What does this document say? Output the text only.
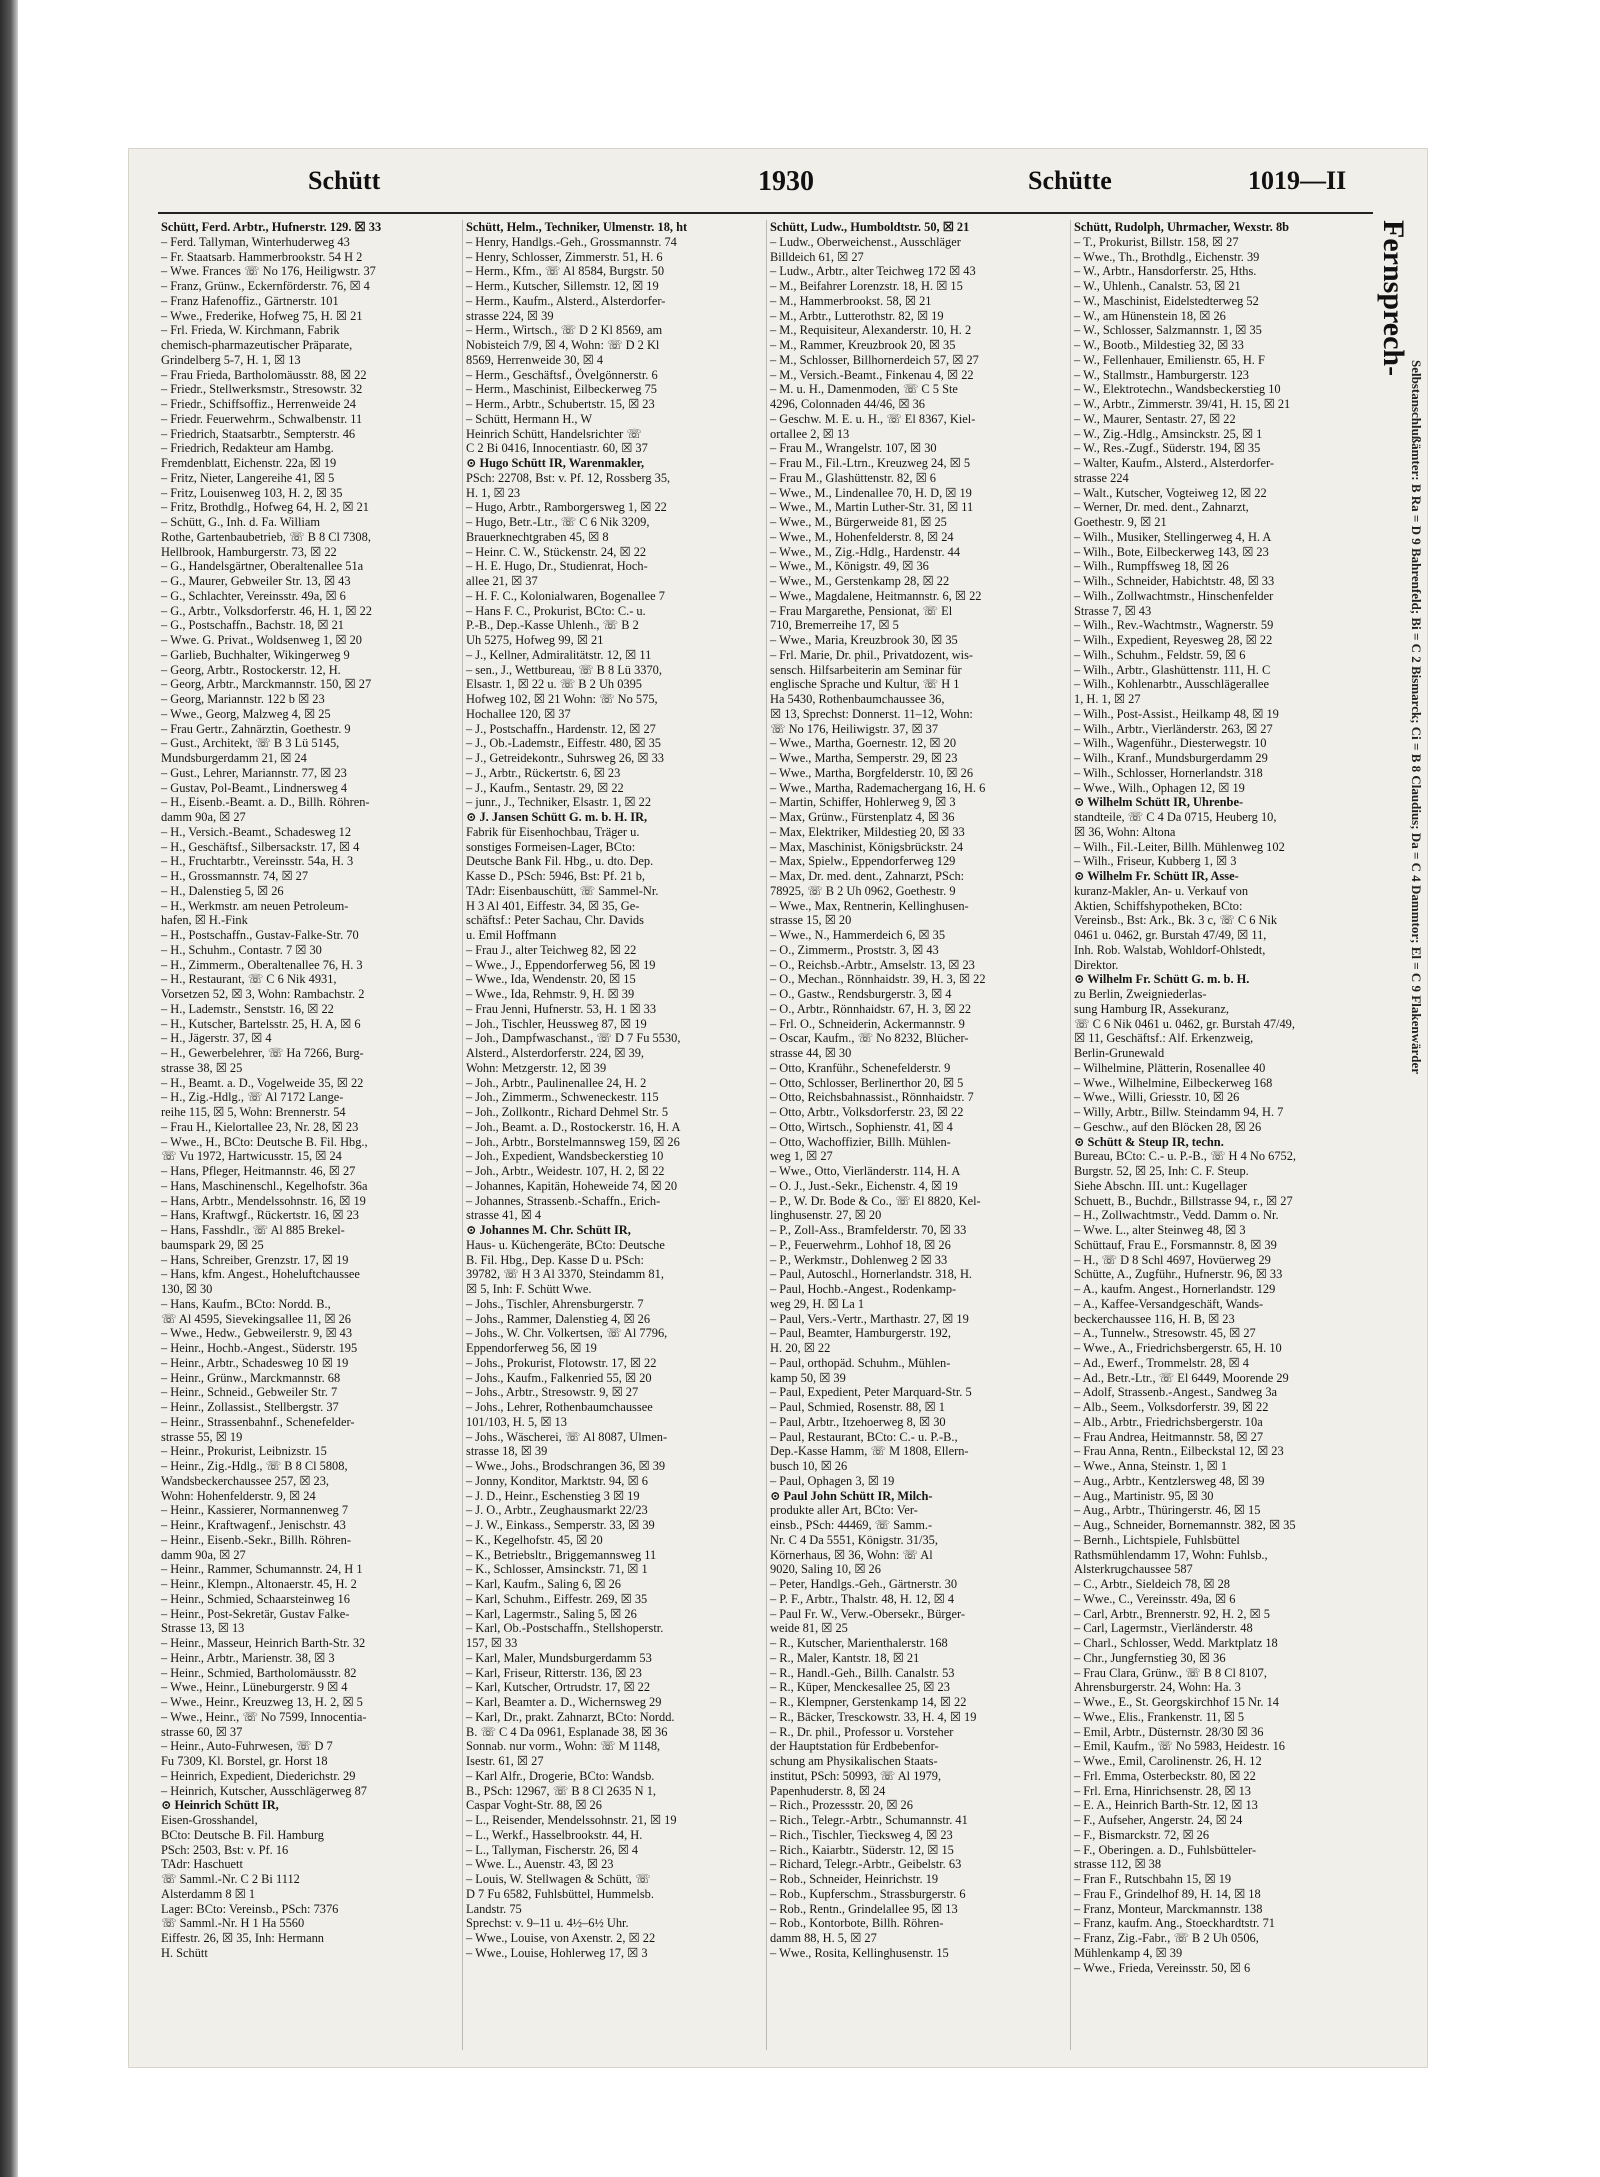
Schütt	1930	Schütte	1019—II
Schütt, Ferd. Arbtr., Hufnerstr. 129. ☒ 33
– Ferd. Tallyman, Winterhuderweg 43
– Fr. Staatsarb. Hammerbrookstr. 54 H 2
– Wwe. Frances ☏ No 176, Heiligwstr. 37
– Franz, Grünw., Eckernförderstr. 76, ☒ 4
– Franz Hafenoffiz., Gärtnerstr. 101
– Wwe., Frederike, Hofweg 75, H. ☒ 21
– Frl. Frieda, W. Kirchmann, Fabrik
chemisch-pharmazeutischer Präparate,
Grindelberg 5-7, H. 1, ☒ 13
– Frau Frieda, Bartholomäusstr. 88, ☒ 22
– Friedr., Stellwerksmstr., Stresowstr. 32
– Friedr., Schiffsoffiz., Herrenweide 24
– Friedr. Feuerwehrm., Schwalbenstr. 11
– Friedrich, Staatsarbtr., Sempterstr. 46
– Friedrich, Redakteur am Hambg.
Fremdenblatt, Eichenstr. 22a, ☒ 19
– Fritz, Nieter, Langereihe 41, ☒ 5
– Fritz, Louisenweg 103, H. 2, ☒ 35
– Fritz, Brothdlg., Hofweg 64, H. 2, ☒ 21
– Schütt, G., Inh. d. Fa. William
Rothe, Gartenbaubetrieb, ☏ B 8 Cl 7308,
Hellbrook, Hamburgerstr. 73, ☒ 22
– G., Handelsgärtner, Oberaltenallee 51a
– G., Maurer, Gebweiler Str. 13, ☒ 43
– G., Schlachter, Vereinsstr. 49a, ☒ 6
– G., Arbtr., Volksdorferstr. 46, H. 1, ☒ 22
– G., Postschaffn., Bachstr. 18, ☒ 21
– Wwe. G. Privat., Woldsenweg 1, ☒ 20
– Garlieb, Buchhalter, Wikingerweg 9
– Georg, Arbtr., Rostockerstr. 12, H.
– Georg, Arbtr., Marckmannstr. 150, ☒ 27
– Georg, Mariannstr. 122 b ☒ 23
– Wwe., Georg, Malzweg 4, ☒ 25
– Frau Gertr., Zahnärztin, Goethestr. 9
– Gust., Architekt, ☏ B 3 Lü 5145,
Mundsburgerdamm 21, ☒ 24
– Gust., Lehrer, Mariannstr. 77, ☒ 23
– Gustav, Pol-Beamt., Lindnersweg 4
– H., Eisenb.-Beamt. a. D., Billh. Röhren-
damm 90a, ☒ 27
– H., Versich.-Beamt., Schadesweg 12
– H., Geschäftsf., Silbersackstr. 17, ☒ 4
– H., Fruchtarbtr., Vereinsstr. 54a, H. 3
– H., Grossmannstr. 74, ☒ 27
– H., Dalenstieg 5, ☒ 26
– H., Werkmstr. am neuen Petroleum-
hafen, ☒ H.-Fink
– H., Postschaffn., Gustav-Falke-Str. 70
– H., Schuhm., Contastr. 7 ☒ 30
– H., Zimmerm., Oberaltenallee 76, H. 3
– H., Restaurant, ☏ C 6 Nik 4931,
Vorsetzen 52, ☒ 3, Wohn: Rambachstr. 2
– H., Lademstr., Senststr. 16, ☒ 22
– H., Kutscher, Bartelsstr. 25, H. A, ☒ 6
– H., Jägerstr. 37, ☒ 4
– H., Gewerbelehrer, ☏ Ha 7266, Burg-
strasse 38, ☒ 25
– H., Beamt. a. D., Vogelweide 35, ☒ 22
– H., Zig.-Hdlg., ☏ Al 7172 Lange-
reihe 115, ☒ 5, Wohn: Brennerstr. 54
– Frau H., Kielortallee 23, Nr. 28, ☒ 23
– Wwe., H., BCto: Deutsche B. Fil. Hbg.,
☏ Vu 1972, Hartwicusstr. 15, ☒ 24
– Hans, Pfleger, Heitmannstr. 46, ☒ 27
– Hans, Maschinenschl., Kegelhofstr. 36a
– Hans, Arbtr., Mendelssohnstr. 16, ☒ 19
– Hans, Kraftwgf., Rückertstr. 16, ☒ 23
– Hans, Fasshdlr., ☏ Al 885 Brekel-
baumspark 29, ☒ 25
– Hans, Schreiber, Grenzstr. 17, ☒ 19
– Hans, kfm. Angest., Hoheluftchaussee
130, ☒ 30
– Hans, Kaufm., BCto: Nordd. B.,
☏ Al 4595, Sievekingsallee 11, ☒ 26
– Wwe., Hedw., Gebweilerstr. 9, ☒ 43
– Heinr., Hochb.-Angest., Süderstr. 195
– Heinr., Arbtr., Schadesweg 10 ☒ 19
– Heinr., Grünw., Marckmannstr. 68
– Heinr., Schneid., Gebweiler Str. 7
– Heinr., Zollassist., Stellbergstr. 37
– Heinr., Strassenbahnf., Schenefelder-
strasse 55, ☒ 19
– Heinr., Prokurist, Leibnizstr. 15
– Heinr., Zig.-Hdlg., ☏ B 8 Cl 5808,
Wandsbeckerchaussee 257, ☒ 23,
Wohn: Hohenfelderstr. 9, ☒ 24
– Heinr., Kassierer, Normannenweg 7
– Heinr., Kraftwagenf., Jenischstr. 43
– Heinr., Eisenb.-Sekr., Billh. Röhren-
damm 90a, ☒ 27
– Heinr., Rammer, Schumannstr. 24, H 1
– Heinr., Klempn., Altonaerstr. 45, H. 2
– Heinr., Schmied, Schaarsteinweg 16
– Heinr., Post-Sekretär, Gustav Falke-
Strasse 13, ☒ 13
– Heinr., Masseur, Heinrich Barth-Str. 32
– Heinr., Arbtr., Marienstr. 38, ☒ 3
– Heinr., Schmied, Bartholomäusstr. 82
– Wwe., Heinr., Lüneburgerstr. 9 ☒ 4
– Wwe., Heinr., Kreuzweg 13, H. 2, ☒ 5
– Wwe., Heinr., ☏ No 7599, Innocentia-
strasse 60, ☒ 37
– Heinr., Auto-Fuhrwesen, ☏ D 7
Fu 7309, Kl. Borstel, gr. Horst 18
– Heinrich, Expedient, Diederichstr. 29
– Heinrich, Kutscher, Ausschlägerweg 87
⊙ Heinrich Schütt IR,
Eisen-Grosshandel,
BCto: Deutsche B. Fil. Hamburg
PSch: 2503, Bst: v. Pf. 16
TAdr: Haschuett
☏ Samml.-Nr. C 2 Bi 1112
Alsterdamm 8 ☒ 1
Lager: BCto: Vereinsb., PSch: 7376
☏ Samml.-Nr. H 1 Ha 5560
Eiffestr. 26, ☒ 35, Inh: Hermann
H. Schütt
Schütt, Helm., Techniker, Ulmenstr. 18, ht
– Henry, Handlgs.-Geh., Grossmannstr. 74
– Henry, Schlosser, Zimmerstr. 51, H. 6
– Herm., Kfm., ☏ Al 8584, Burgstr. 50
– Herm., Kutscher, Sillemstr. 12, ☒ 19
– Herm., Kaufm., Alsterd., Alsterdorfer-
strasse 224, ☒ 39
– Herm., Wirtsch., ☏ D 2 Kl 8569, am
Nobisteich 7/9, ☒ 4, Wohn: ☏ D 2 Kl
8569, Herrenweide 30, ☒ 4
– Herm., Geschäftsf., Övelgönnerstr. 6
– Herm., Maschinist, Eilbeckerweg 75
– Herm., Arbtr., Schubertstr. 15, ☒ 23
– Schütt, Hermann H., W
Heinrich Schütt, Handelsrichter ☏
C 2 Bi 0416, Innocentiastr. 60, ☒ 37
⊙ Hugo Schütt IR, Warenmakler,
PSch: 22708, Bst: v. Pf. 12, Rossberg 35,
H. 1, ☒ 23
– Hugo, Arbtr., Ramborgersweg 1, ☒ 22
– Hugo, Betr.-Ltr., ☏ C 6 Nik 3209,
Brauerknechtgraben 45, ☒ 8
– Heinr. C. W., Stückenstr. 24, ☒ 22
– H. E. Hugo, Dr., Studienrat, Hoch-
allee 21, ☒ 37
– H. F. C., Kolonialwaren, Bogenallee 7
– Hans F. C., Prokurist, BCto: C.- u.
P.-B., Dep.-Kasse Uhlenh., ☏ B 2
Uh 5275, Hofweg 99, ☒ 21
– J., Kellner, Admiralitätstr. 12, ☒ 11
– sen., J., Wettbureau, ☏ B 8 Lü 3370,
Elsastr. 1, ☒ 22 u. ☏ B 2 Uh 0395
Hofweg 102, ☒ 21 Wohn: ☏ No 575,
Hochallee 120, ☒ 37
– J., Postschaffn., Hardenstr. 12, ☒ 27
– J., Ob.-Lademstr., Eiffestr. 480, ☒ 35
– J., Getreidekontr., Suhrsweg 26, ☒ 33
– J., Arbtr., Rückertstr. 6, ☒ 23
– J., Kaufm., Sentastr. 29, ☒ 22
– junr., J., Techniker, Elsastr. 1, ☒ 22
⊙ J. Jansen Schütt G. m. b. H. IR,
Fabrik für Eisenhochbau, Träger u.
sonstiges Formeisen-Lager, BCto:
Deutsche Bank Fil. Hbg., u. dto. Dep.
Kasse D., PSch: 5946, Bst: Pf. 21 b,
TAdr: Eisenbauschütt, ☏ Sammel-Nr.
H 3 Al 401, Eiffestr. 34, ☒ 35, Ge-
schäftsf.: Peter Sachau, Chr. Davids
u. Emil Hoffmann
– Frau J., alter Teichweg 82, ☒ 22
– Wwe., J., Eppendorferweg 56, ☒ 19
– Wwe., Ida, Wendenstr. 20, ☒ 15
– Wwe., Ida, Rehmstr. 9, H. ☒ 39
– Frau Jenni, Hufnerstr. 53, H. 1 ☒ 33
– Joh., Tischler, Heussweg 87, ☒ 19
– Joh., Dampfwaschanst., ☏ D 7 Fu 5530,
Alsterd., Alsterdorferstr. 224, ☒ 39,
Wohn: Metzgerstr. 12, ☒ 39
– Joh., Arbtr., Paulinenallee 24, H. 2
– Joh., Zimmerm., Schweneckestr. 115
– Joh., Zollkontr., Richard Dehmel Str. 5
– Joh., Beamt. a. D., Rostockerstr. 16, H. A
– Joh., Arbtr., Borstelmannsweg 159, ☒ 26
– Joh., Expedient, Wandsbeckerstieg 10
– Joh., Arbtr., Weidestr. 107, H. 2, ☒ 22
– Johannes, Kapitän, Hoheweide 74, ☒ 20
– Johannes, Strassenb.-Schaffn., Erich-
strasse 41, ☒ 4
⊙ Johannes M. Chr. Schütt IR,
Haus- u. Küchengeräte, BCto: Deutsche
B. Fil. Hbg., Dep. Kasse D u. PSch:
39782, ☏ H 3 Al 3370, Steindamm 81,
☒ 5, Inh: F. Schütt Wwe.
– Johs., Tischler, Ahrensburgerstr. 7
– Johs., Rammer, Dalenstieg 4, ☒ 26
– Johs., W. Chr. Volkertsen, ☏ Al 7796,
Eppendorferweg 56, ☒ 19
– Johs., Prokurist, Flotowstr. 17, ☒ 22
– Johs., Kaufm., Falkenried 55, ☒ 20
– Johs., Arbtr., Stresowstr. 9, ☒ 27
– Johs., Lehrer, Rothenbaumchaussee
101/103, H. 5, ☒ 13
– Johs., Wäscherei, ☏ Al 8087, Ulmen-
strasse 18, ☒ 39
– Wwe., Johs., Brodschrangen 36, ☒ 39
– Jonny, Konditor, Marktstr. 94, ☒ 6
– J. D., Heinr., Eschenstieg 3 ☒ 19
– J. O., Arbtr., Zeughausmarkt 22/23
– J. W., Einkass., Semperstr. 33, ☒ 39
– K., Kegelhofstr. 45, ☒ 20
– K., Betriebsltr., Briggemannsweg 11
– K., Schlosser, Amsinckstr. 71, ☒ 1
– Karl, Kaufm., Saling 6, ☒ 26
– Karl, Schuhm., Eiffestr. 269, ☒ 35
– Karl, Lagermstr., Saling 5, ☒ 26
– Karl, Ob.-Postschaffn., Stellshoperstr.
157, ☒ 33
– Karl, Maler, Mundsburgerdamm 53
– Karl, Friseur, Ritterstr. 136, ☒ 23
– Karl, Kutscher, Ortrudstr. 17, ☒ 22
– Karl, Beamter a. D., Wichernsweg 29
– Karl, Dr., prakt. Zahnarzt, BCto: Nordd.
B. ☏ C 4 Da 0961, Esplanade 38, ☒ 36
Sonnab. nur vorm., Wohn: ☏ M 1148,
Isestr. 61, ☒ 27
– Karl Alfr., Drogerie, BCto: Wandsb.
B., PSch: 12967, ☏ B 8 Cl 2635 N 1,
Caspar Voght-Str. 88, ☒ 26
– L., Reisender, Mendelssohnstr. 21, ☒ 19
– L., Werkf., Hasselbrookstr. 44, H.
– L., Tallyman, Fischerstr. 26, ☒ 4
– Wwe. L., Auenstr. 43, ☒ 23
– Louis, W. Stellwagen & Schütt, ☏
D 7 Fu 6582, Fuhlsbüttel, Hummelsb.
Landstr. 75
Sprechst: v. 9–11 u. 4½–6½ Uhr.
– Wwe., Louise, von Axenstr. 2, ☒ 22
– Wwe., Louise, Hohlerweg 17, ☒ 3
Schütt, Ludw., Humboldtstr. 50, ☒ 21
– Ludw., Oberweichenst., Ausschläger
Billdeich 61, ☒ 27
– Ludw., Arbtr., alter Teichweg 172 ☒ 43
– M., Beifahrer Lorenzstr. 18, H. ☒ 15
– M., Hammerbrookst. 58, ☒ 21
– M., Arbtr., Lutterothstr. 82, ☒ 19
– M., Requisiteur, Alexanderstr. 10, H. 2
– M., Rammer, Kreuzbrook 20, ☒ 35
– M., Schlosser, Billhornerdeich 57, ☒ 27
– M., Versich.-Beamt., Finkenau 4, ☒ 22
– M. u. H., Damenmoden, ☏ C 5 Ste
4296, Colonnaden 44/46, ☒ 36
– Geschw. M. E. u. H., ☏ El 8367, Kiel-
ortallee 2, ☒ 13
– Frau M., Wrangelstr. 107, ☒ 30
– Frau M., Fil.-Ltrn., Kreuzweg 24, ☒ 5
– Frau M., Glashüttenstr. 82, ☒ 6
– Wwe., M., Lindenallee 70, H. D, ☒ 19
– Wwe., M., Martin Luther-Str. 31, ☒ 11
– Wwe., M., Bürgerweide 81, ☒ 25
– Wwe., M., Hohenfelderstr. 8, ☒ 24
– Wwe., M., Zig.-Hdlg., Hardenstr. 44
– Wwe., M., Königstr. 49, ☒ 36
– Wwe., M., Gerstenkamp 28, ☒ 22
– Wwe., Magdalene, Heitmannstr. 6, ☒ 22
– Frau Margarethe, Pensionat, ☏ El
710, Bremerreihe 17, ☒ 5
– Wwe., Maria, Kreuzbrook 30, ☒ 35
– Frl. Marie, Dr. phil., Privatdozent, wis-
sensch. Hilfsarbeiterin am Seminar für
englische Sprache und Kultur, ☏ H 1
Ha 5430, Rothenbaumchaussee 36,
☒ 13, Sprechst: Donnerst. 11–12, Wohn:
☏ No 176, Heiliwigstr. 37, ☒ 37
– Wwe., Martha, Goernestr. 12, ☒ 20
– Wwe., Martha, Semperstr. 29, ☒ 23
– Wwe., Martha, Borgfelderstr. 10, ☒ 26
– Wwe., Martha, Rademachergang 16, H. 6
– Martin, Schiffer, Hohlerweg 9, ☒ 3
– Max, Grünw., Fürstenplatz 4, ☒ 36
– Max, Elektriker, Mildestieg 20, ☒ 33
– Max, Maschinist, Königsbrückstr. 24
– Max, Spielw., Eppendorferweg 129
– Max, Dr. med. dent., Zahnarzt, PSch:
78925, ☏ B 2 Uh 0962, Goethestr. 9
– Wwe., Max, Rentnerin, Kellinghusen-
strasse 15, ☒ 20
– Wwe., N., Hammerdeich 6, ☒ 35
– O., Zimmerm., Proststr. 3, ☒ 43
– O., Reichsb.-Arbtr., Amselstr. 13, ☒ 23
– O., Mechan., Rönnhaidstr. 39, H. 3, ☒ 22
– O., Gastw., Rendsburgerstr. 3, ☒ 4
– O., Arbtr., Rönnhaidstr. 67, H. 3, ☒ 22
– Frl. O., Schneiderin, Ackermannstr. 9
– Oscar, Kaufm., ☏ No 8232, Blücher-
strasse 44, ☒ 30
– Otto, Kranführ., Schenefelderstr. 9
– Otto, Schlosser, Berlinerthor 20, ☒ 5
– Otto, Reichsbahnassist., Rönnhaidstr. 7
– Otto, Arbtr., Volksdorferstr. 23, ☒ 22
– Otto, Wirtsch., Sophienstr. 41, ☒ 4
– Otto, Wachoffizier, Billh. Mühlen-
weg 1, ☒ 27
– Wwe., Otto, Vierländerstr. 114, H. A
– O. J., Just.-Sekr., Eichenstr. 4, ☒ 19
– P., W. Dr. Bode & Co., ☏ El 8820, Kel-
linghusenstr. 27, ☒ 20
– P., Zoll-Ass., Bramfelderstr. 70, ☒ 33
– P., Feuerwehrm., Lohhof 18, ☒ 26
– P., Werkmstr., Dohlenweg 2 ☒ 33
– Paul, Autoschl., Hornerlandstr. 318, H.
– Paul, Hochb.-Angest., Rodenkamp-
weg 29, H. ☒ La 1
– Paul, Vers.-Vertr., Marthastr. 27, ☒ 19
– Paul, Beamter, Hamburgerstr. 192,
H. 20, ☒ 22
– Paul, orthopäd. Schuhm., Mühlen-
kamp 50, ☒ 39
– Paul, Expedient, Peter Marquard-Str. 5
– Paul, Schmied, Rosenstr. 88, ☒ 1
– Paul, Arbtr., Itzehoerweg 8, ☒ 30
– Paul, Restaurant, BCto: C.- u. P.-B.,
Dep.-Kasse Hamm, ☏ M 1808, Ellern-
busch 10, ☒ 26
– Paul, Ophagen 3, ☒ 19
⊙ Paul John Schütt IR, Milch-
produkte aller Art, BCto: Ver-
einsb., PSch: 44469, ☏ Samm.-
Nr. C 4 Da 5551, Königstr. 31/35,
Körnerhaus, ☒ 36, Wohn: ☏ Al
9020, Saling 10, ☒ 26
– Peter, Handlgs.-Geh., Gärtnerstr. 30
– P. F., Arbtr., Thalstr. 48, H. 12, ☒ 4
– Paul Fr. W., Verw.-Obersekr., Bürger-
weide 81, ☒ 25
– R., Kutscher, Marienthalerstr. 168
– R., Maler, Kantstr. 18, ☒ 21
– R., Handl.-Geh., Billh. Canalstr. 53
– R., Küper, Menckesallee 25, ☒ 23
– R., Klempner, Gerstenkamp 14, ☒ 22
– R., Bäcker, Tresckowstr. 33, H. 4, ☒ 19
– R., Dr. phil., Professor u. Vorsteher
der Hauptstation für Erdbebenfor-
schung am Physikalischen Staats-
institut, PSch: 50993, ☏ Al 1979,
Papenhuderstr. 8, ☒ 24
– Rich., Prozessstr. 20, ☒ 26
– Rich., Telegr.-Arbtr., Schumannstr. 41
– Rich., Tischler, Tiecksweg 4, ☒ 23
– Rich., Kaiarbtr., Süderstr. 12, ☒ 15
– Richard, Telegr.-Arbtr., Geibelstr. 63
– Rob., Schneider, Heinrichstr. 19
– Rob., Kupferschm., Strassburgerstr. 6
– Rob., Rentn., Grindelallee 95, ☒ 13
– Rob., Kontorbote, Billh. Röhren-
damm 88, H. 5, ☒ 27
– Wwe., Rosita, Kellinghusenstr. 15
Schütt, Rudolph, Uhrmacher, Wexstr. 8b
– T., Prokurist, Billstr. 158, ☒ 27
– Wwe., Th., Brothdlg., Eichenstr. 39
– W., Arbtr., Hansdorferstr. 25, Hths.
– W., Uhlenh., Canalstr. 53, ☒ 21
– W., Maschinist, Eidelstedterweg 52
– W., am Hünenstein 18, ☒ 26
– W., Schlosser, Salzmannstr. 1, ☒ 35
– W., Bootb., Mildestieg 32, ☒ 33
– W., Fellenhauer, Emilienstr. 65, H. F
– W., Stallmstr., Hamburgerstr. 123
– W., Elektrotechn., Wandsbeckerstieg 10
– W., Arbtr., Zimmerstr. 39/41, H. 15, ☒ 21
– W., Maurer, Sentastr. 27, ☒ 22
– W., Zig.-Hdlg., Amsinckstr. 25, ☒ 1
– W., Res.-Zugf., Süderstr. 194, ☒ 35
– Walter, Kaufm., Alsterd., Alsterdorfer-
strasse 224
– Walt., Kutscher, Vogteiweg 12, ☒ 22
– Werner, Dr. med. dent., Zahnarzt,
Goethestr. 9, ☒ 21
– Wilh., Musiker, Stellingerweg 4, H. A
– Wilh., Bote, Eilbeckerweg 143, ☒ 23
– Wilh., Rumpffsweg 18, ☒ 26
– Wilh., Schneider, Habichtstr. 48, ☒ 33
– Wilh., Zollwachtmstr., Hinschenfelder
Strasse 7, ☒ 43
– Wilh., Rev.-Wachtmstr., Wagnerstr. 59
– Wilh., Expedient, Reyesweg 28, ☒ 22
– Wilh., Schuhm., Feldstr. 59, ☒ 6
– Wilh., Arbtr., Glashüttenstr. 111, H. C
– Wilh., Kohlenarbtr., Ausschlägerallee
1, H. 1, ☒ 27
– Wilh., Post-Assist., Heilkamp 48, ☒ 19
– Wilh., Arbtr., Vierländerstr. 263, ☒ 27
– Wilh., Wagenführ., Diesterwegstr. 10
– Wilh., Kranf., Mundsburgerdamm 29
– Wilh., Schlosser, Hornerlandstr. 318
– Wwe., Wilh., Ophagen 12, ☒ 19
⊙ Wilhelm Schütt IR, Uhrenbe-
standteile, ☏ C 4 Da 0715, Heuberg 10,
☒ 36, Wohn: Altona
– Wilh., Fil.-Leiter, Billh. Mühlenweg 102
– Wilh., Friseur, Kubberg 1, ☒ 3
⊙ Wilhelm Fr. Schütt IR, Asse-
kuranz-Makler, An- u. Verkauf von
Aktien, Schiffshypotheken, BCto:
Vereinsb., Bst: Ark., Bk. 3 c, ☏ C 6 Nik
0461 u. 0462, gr. Burstah 47/49, ☒ 11,
Inh. Rob. Walstab, Wohldorf-Ohlstedt,
Direktor.
⊙ Wilhelm Fr. Schütt G. m. b. H.
zu Berlin, Zweigniederlas-
sung Hamburg IR, Assekuranz,
☏ C 6 Nik 0461 u. 0462, gr. Burstah 47/49,
☒ 11, Geschäftsf.: Alf. Erkenzweig,
Berlin-Grunewald
– Wilhelmine, Plätterin, Rosenallee 40
– Wwe., Wilhelmine, Eilbeckerweg 168
– Wwe., Willi, Griesstr. 10, ☒ 26
– Willy, Arbtr., Billw. Steindamm 94, H. 7
– Geschw., auf den Blöcken 28, ☒ 26
⊙ Schütt & Steup IR, techn.
Bureau, BCto: C.- u. P.-B., ☏ H 4 No 6752,
Burgstr. 52, ☒ 25, Inh: C. F. Steup.
Siehe Abschn. III. unt.: Kugellager
Schuett, B., Buchdr., Billstrasse 94, r., ☒ 27
– H., Zollwachtmstr., Vedd. Damm o. Nr.
– Wwe. L., alter Steinweg 48, ☒ 3
Schüttauf, Frau E., Forsmannstr. 8, ☒ 39
– H., ☏ D 8 Schl 4697, Hovüerweg 29
Schütte, A., Zugführ., Hufnerstr. 96, ☒ 33
– A., kaufm. Angest., Hornerlandstr. 129
– A., Kaffee-Versandgeschäft, Wands-
beckerchaussee 116, H. B, ☒ 23
– A., Tunnelw., Stresowstr. 45, ☒ 27
– Wwe., A., Friedrichsbergerstr. 65, H. 10
– Ad., Ewerf., Trommelstr. 28, ☒ 4
– Ad., Betr.-Ltr., ☏ El 6449, Moorende 29
– Adolf, Strassenb.-Angest., Sandweg 3a
– Alb., Seem., Volksdorferstr. 39, ☒ 22
– Alb., Arbtr., Friedrichsbergerstr. 10a
– Frau Andrea, Heitmannstr. 58, ☒ 27
– Frau Anna, Rentn., Eilbeckstal 12, ☒ 23
– Wwe., Anna, Steinstr. 1, ☒ 1
– Aug., Arbtr., Kentzlersweg 48, ☒ 39
– Aug., Martinistr. 95, ☒ 30
– Aug., Arbtr., Thüringerstr. 46, ☒ 15
– Aug., Schneider, Bornemannstr. 382, ☒ 35
– Bernh., Lichtspiele, Fuhlsbüttel
Rathsmühlendamm 17, Wohn: Fuhlsb.,
Alsterkrugchaussee 587
– C., Arbtr., Sieldeich 78, ☒ 28
– Wwe., C., Vereinsstr. 49a, ☒ 6
– Carl, Arbtr., Brennerstr. 92, H. 2, ☒ 5
– Carl, Lagermstr., Vierländerstr. 48
– Charl., Schlosser, Wedd. Marktplatz 18
– Chr., Jungfernstieg 30, ☒ 36
– Frau Clara, Grünw., ☏ B 8 Cl 8107,
Ahrensburgerstr. 24, Wohn: Ha. 3
– Wwe., E., St. Georgskirchhof 15 Nr. 14
– Wwe., Elis., Frankenstr. 11, ☒ 5
– Emil, Arbtr., Düsternstr. 28/30 ☒ 36
– Emil, Kaufm., ☏ No 5983, Heidestr. 16
– Wwe., Emil, Carolinenstr. 26, H. 12
– Frl. Emma, Osterbeckstr. 80, ☒ 22
– Frl. Erna, Hinrichsenstr. 28, ☒ 13
– E. A., Heinrich Barth-Str. 12, ☒ 13
– F., Aufseher, Angerstr. 24, ☒ 24
– F., Bismarckstr. 72, ☒ 26
– F., Oberingen. a. D., Fuhlsbütteler-
strasse 112, ☒ 38
– Fran F., Rutschbahn 15, ☒ 19
– Frau F., Grindelhof 89, H. 14, ☒ 18
– Franz, Monteur, Marckmannstr. 138
– Franz, kaufm. Ang., Stoeckhardtstr. 71
– Franz, Zig.-Fabr., ☏ B 2 Uh 0506,
Mühlenkamp 4, ☒ 39
– Wwe., Frieda, Vereinsstr. 50, ☒ 6
Fernsprech-
Selbstanschlußämter: B Ra = D 9 Bahrenfeld; Bi = C 2 Bismarck; Ci = B 8 Claudius; Da = C 4 Dammtor; El = C 9 Flakenwärder
